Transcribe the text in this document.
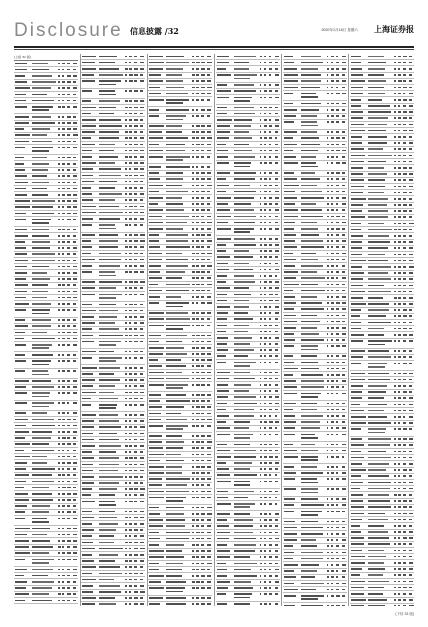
Disclosure 信息披露 /32	2020年1月18日 星期六 上海证券报
(上接 31 版)
(下转 33 版)
